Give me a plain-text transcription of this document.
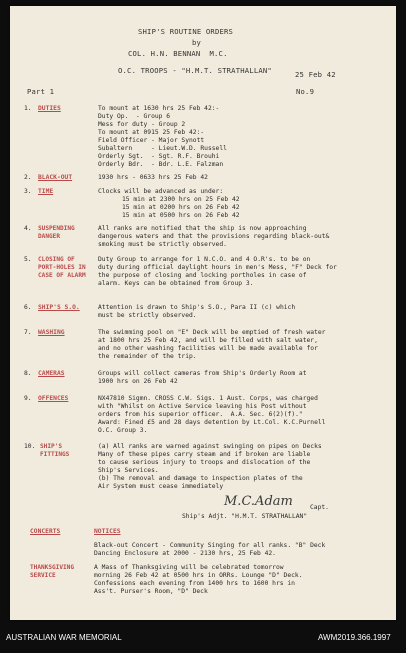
SHIP'S ROUTINE ORDERS
by
COL. H.N. BENNAN  M.C.
25 Feb 42
O.C. TROOPS - "H.M.T. STRATHALLAN"
Part 1	No.9
1. DUTIES	To mount at 1630 hrs 25 Feb 42:-
Duty Op.  - Group 6
Mess for duty - Group 2
To mount at 0915 25 Feb 42:-
Field Officer - Major Synott
Subaltern     - Lieut.W.D. Russell
Orderly Sgt.  - Sgt. R.F. Brouhi
Orderly Bdr.  - Bdr. L.E. Falzman
2. BLACK-OUT	1930 hrs - 0633 hrs 25 Feb 42
3. TIME	Clocks will be advanced as under:
15 min at 2300 hrs on 25 Feb 42
15 min at 0200 hrs on 26 Feb 42
15 min at 0500 hrs on 26 Feb 42
4. SUSPENDING DANGER
All ranks are notified that the ship is now approaching
dangerous waters and that the provisions regarding black-out&
smoking must be strictly observed.
5. CLOSING OF PORT-HOLES IN CASE OF ALARM
Duty Group to arrange for 1 N.C.O. and 4 O.R's. to be on
duty during official daylight hours in men's Mess, "F" Deck for
the purpose of closing and locking portholes in case of
alarm. Keys can be obtained from Group 3.
6. SHIP'S S.O.	Attention is drawn to Ship's S.O., Para II (c) which
must be strictly observed.
7. WASHING	The swimming pool on "E" Deck will be emptied of fresh water
at 1800 hrs 25 Feb 42, and will be filled with salt water,
and no other washing facilities will be made available for
the remainder of the trip.
8. CAMERAS	Groups will collect cameras from Ship's Orderly Room at
1900 hrs on 26 Feb 42
9. OFFENCES	NX47810 Sigmn. CROSS C.W. Sigs. 1 Aust. Corps, was charged
with "Whilst on Active Service leaving his Post without
orders from his superior officer.  A.A. Sec. 6(2)(f)."
Award: Fined £5 and 28 days detention by Lt.Col. K.C.Purnell
O.C. Group 3.
10. SHIP'S FITTINGS
(a) All ranks are warned against swinging on pipes on Decks
Many of these pipes carry steam and if broken are liable
to cause serious injury to troops and dislocation of the
Ship's Services.
(b) The removal and damage to inspection plates of the
Air System must cease immediately
M.C.Adam	Capt.
Ship's Adjt. "H.M.T. STRATHALLAN"
CONCERTS	NOTICES
Black-out Concert - Community Singing for all ranks. "B" Deck
Dancing Enclosure at 2000 - 2130 hrs, 25 Feb 42.
THANKSGIVING SERVICE
A Mass of Thanksgiving will be celebrated tomorrow
morning 26 Feb 42 at 0500 hrs in ORRs. Lounge "D" Deck.
Confessions each evening from 1400 hrs to 1600 hrs in
Ass't. Purser's Room, "D" Deck
AUSTRALIAN WAR MEMORIAL	AWM2019.366.1997
